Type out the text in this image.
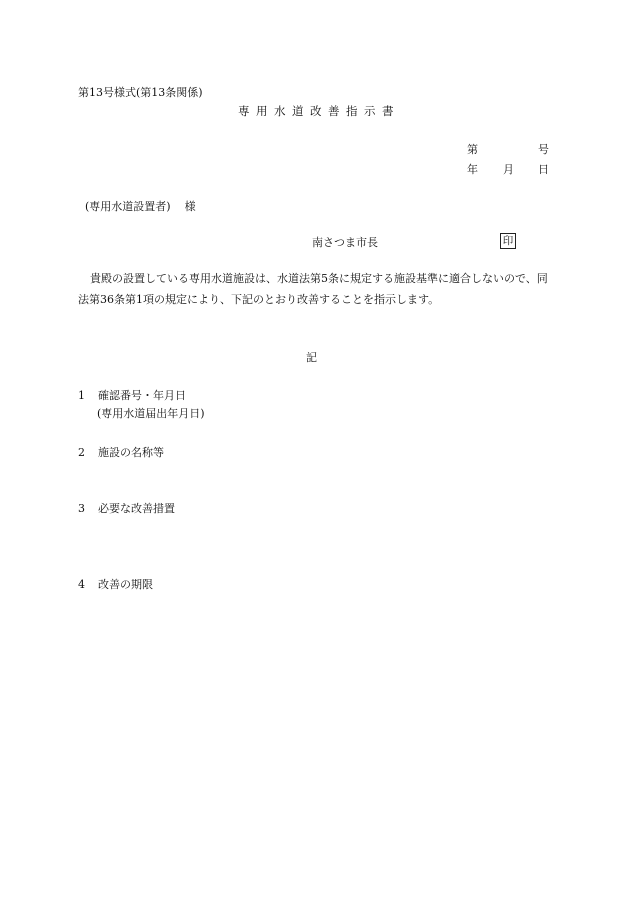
第13号様式(第13条関係)
専用水道改善指示書
第	号
年 月 日
(専用水道設置者) 様
南さつま市長	印
貴殿の設置している専用水道施設は、水道法第5条に規定する施設基準に適合しないので、同法第36条第1項の規定により、下記のとおり改善することを指示します。
記
1 確認番号・年月日
(専用水道届出年月日)
2 施設の名称等
3 必要な改善措置
4 改善の期限
